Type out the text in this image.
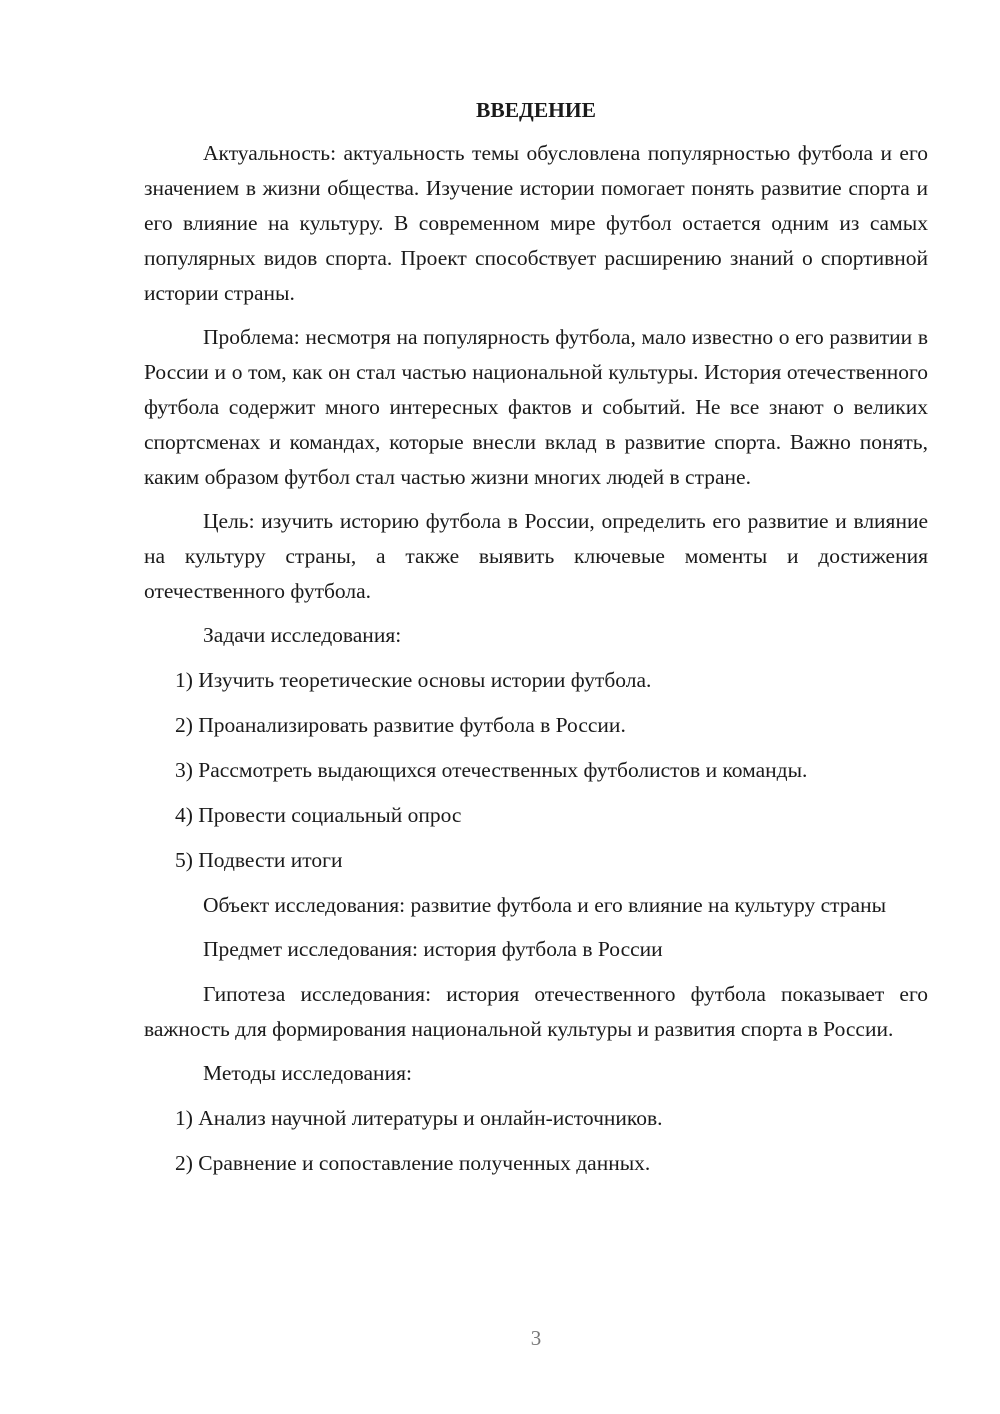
ВВЕДЕНИЕ

Актуальность: актуальность темы обусловлена популярностью футбола и его значением в жизни общества. Изучение истории помогает понять развитие спорта и его влияние на культуру. В современном мире футбол остается одним из самых популярных видов спорта. Проект способствует расширению знаний о спортивной истории страны.

Проблема: несмотря на популярность футбола, мало известно о его развитии в России и о том, как он стал частью национальной культуры. История отечественного футбола содержит много интересных фактов и событий. Не все знают о великих спортсменах и командах, которые внесли вклад в развитие спорта. Важно понять, каким образом футбол стал частью жизни многих людей в стране.

Цель: изучить историю футбола в России, определить его развитие и влияние на культуру страны, а также выявить ключевые моменты и достижения отечественного футбола.

Задачи исследования:

1) Изучить теоретические основы истории футбола.
2) Проанализировать развитие футбола в России.
3) Рассмотреть выдающихся отечественных футболистов и команды.
4) Провести социальный опрос
5) Подвести итоги

Объект исследования: развитие футбола и его влияние на культуру страны

Предмет исследования: история футбола в России

Гипотеза исследования: история отечественного футбола показывает его важность для формирования национальной культуры и развития спорта в России.

Методы исследования:

1) Анализ научной литературы и онлайн-источников.
2) Сравнение и сопоставление полученных данных.
3
